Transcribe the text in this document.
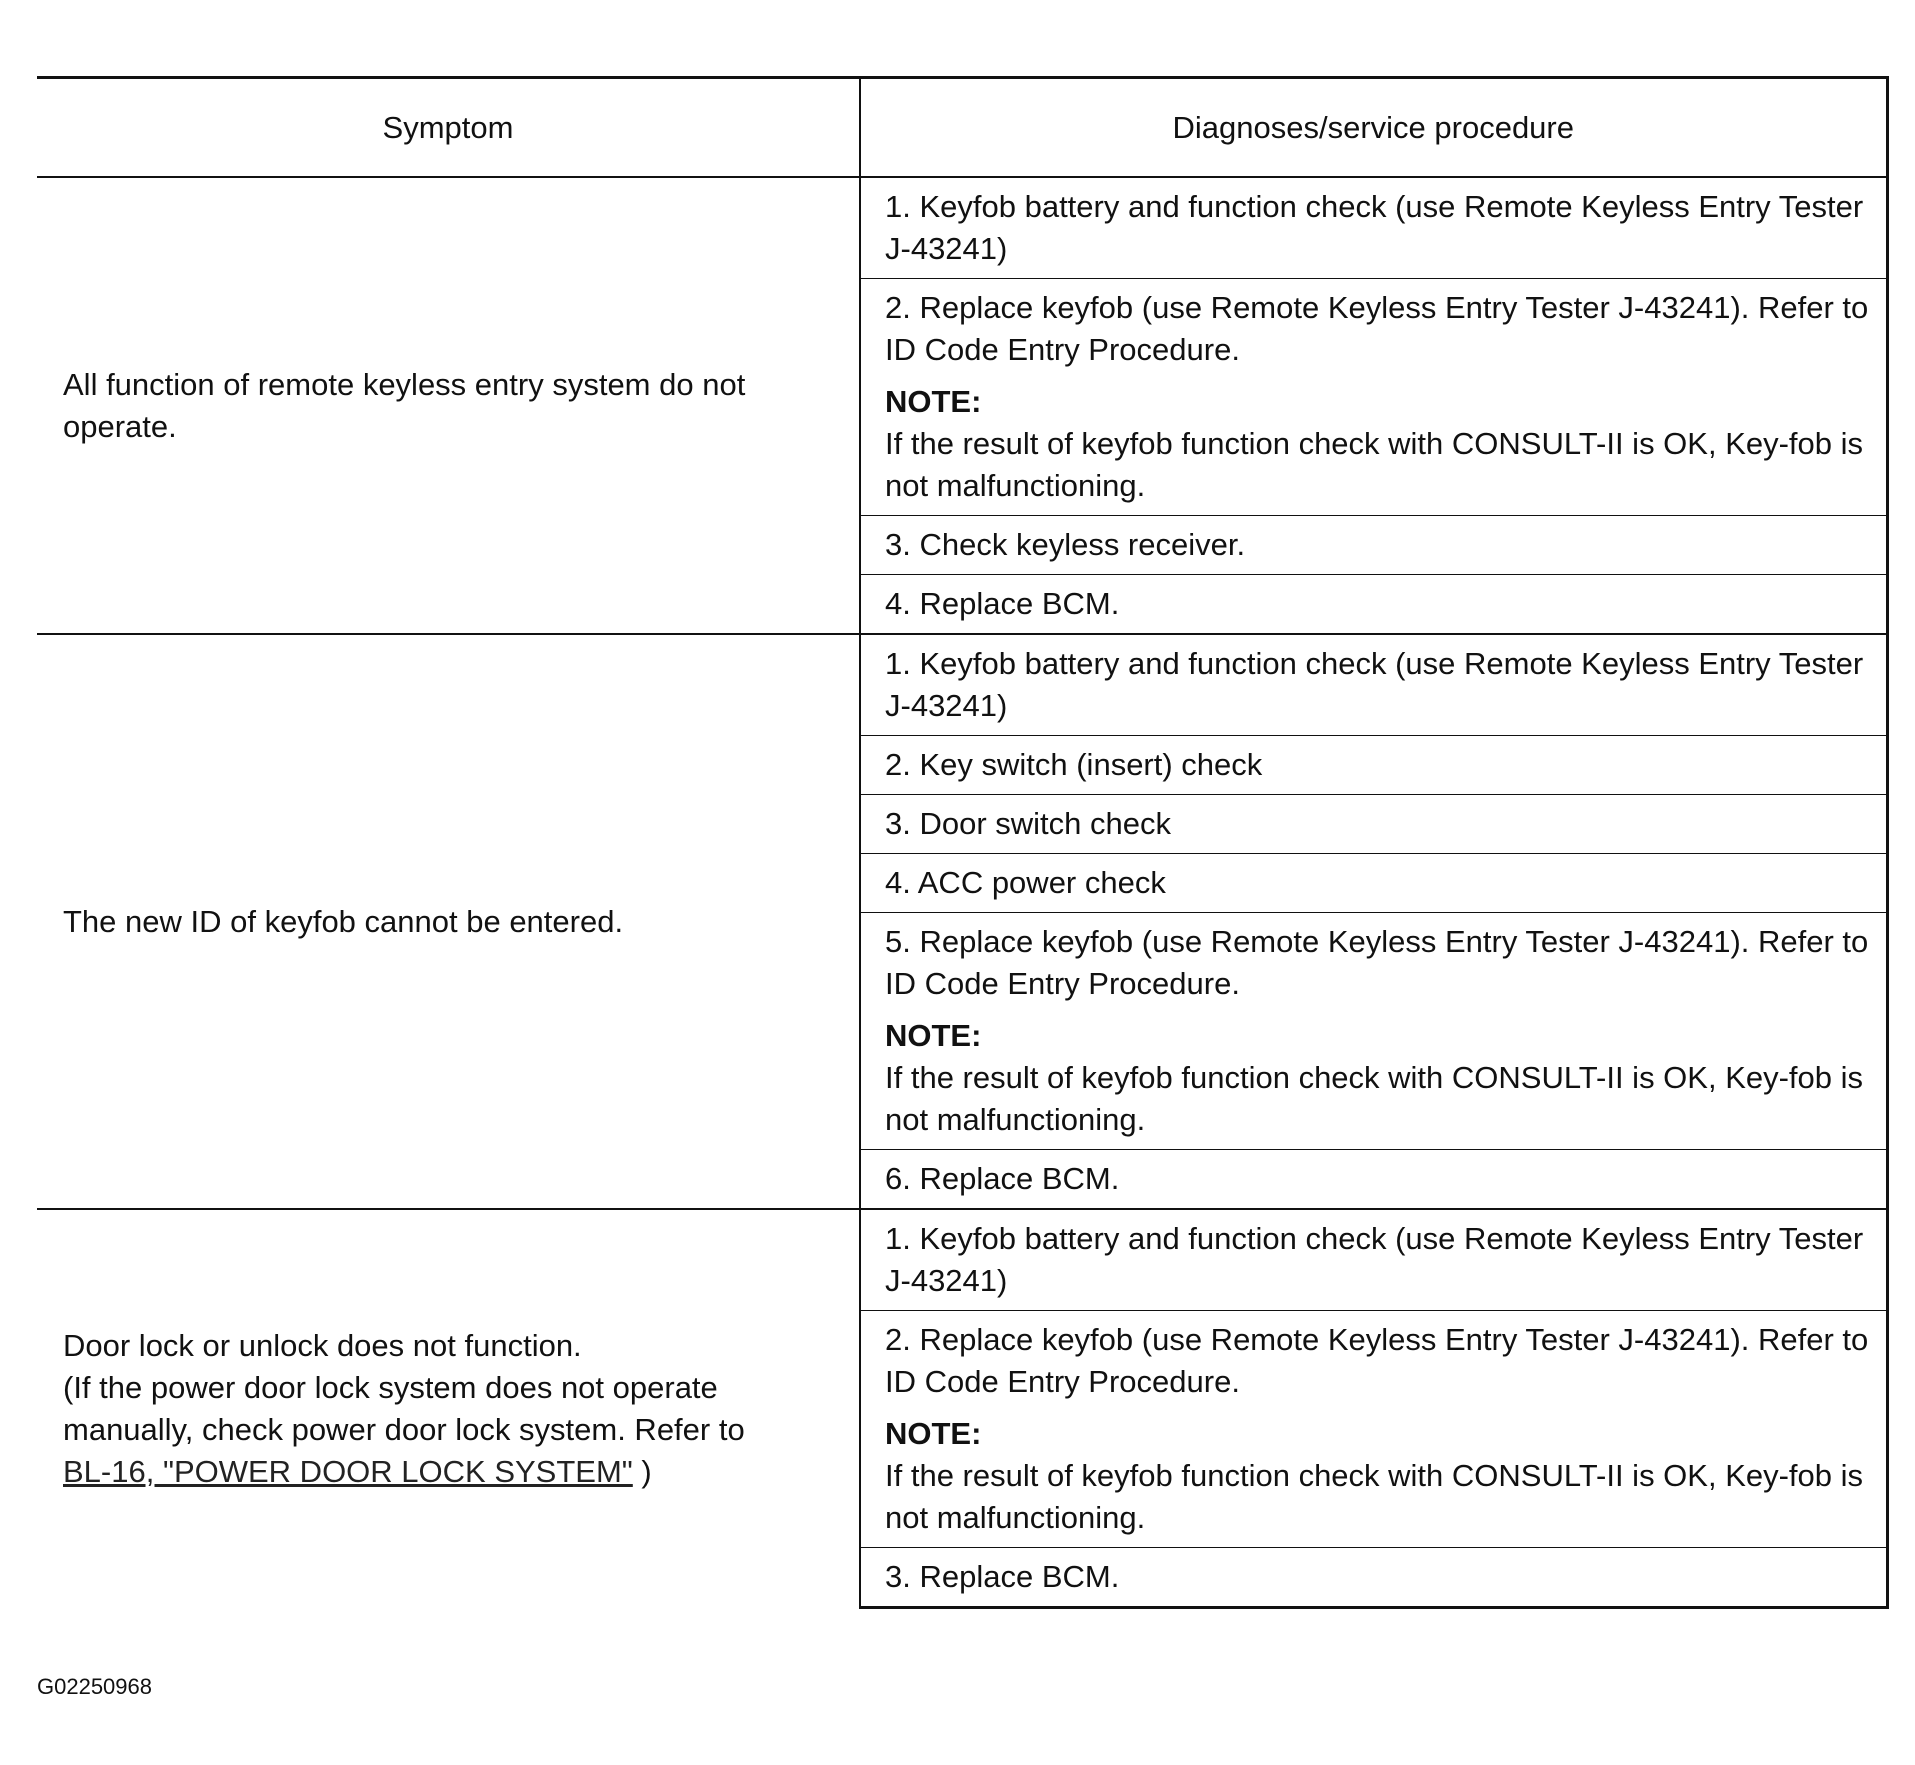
Symptom	Diagnoses/service procedure
All function of remote keyless entry system do not operate.	1. Keyfob battery and function check (use Remote Keyless Entry Tester J-43241)
	2. Replace keyfob (use Remote Keyless Entry Tester J-43241). Refer to ID Code Entry Procedure.
NOTE:
If the result of keyfob function check with CONSULT-II is OK, Key-fob is not malfunctioning.
	3. Check keyless receiver.
	4. Replace BCM.
The new ID of keyfob cannot be entered.	1. Keyfob battery and function check (use Remote Keyless Entry Tester J-43241)
	2. Key switch (insert) check
	3. Door switch check
	4. ACC power check
	5. Replace keyfob (use Remote Keyless Entry Tester J-43241). Refer to ID Code Entry Procedure.
NOTE:
If the result of keyfob function check with CONSULT-II is OK, Key-fob is not malfunctioning.
	6. Replace BCM.
Door lock or unlock does not function.
(If the power door lock system does not operate manually, check power door lock system. Refer to
BL-16, "POWER DOOR LOCK SYSTEM" )	1. Keyfob battery and function check (use Remote Keyless Entry Tester J-43241)
	2. Replace keyfob (use Remote Keyless Entry Tester J-43241). Refer to ID Code Entry Procedure.
NOTE:
If the result of keyfob function check with CONSULT-II is OK, Key-fob is not malfunctioning.
	3. Replace BCM.
G02250968
